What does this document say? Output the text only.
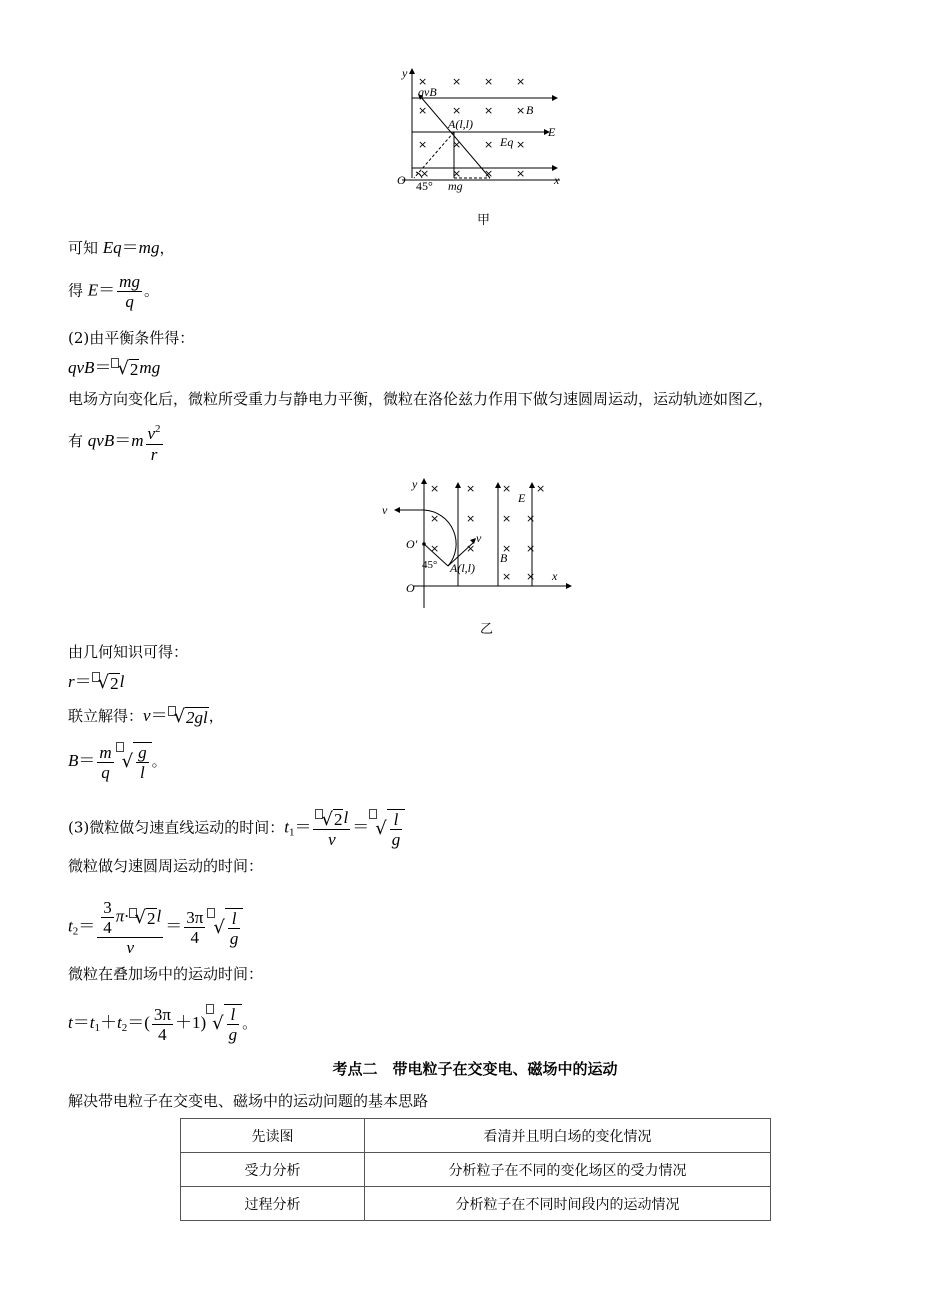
× × × ×
× × × ×
× × × ×
× × × ×
y
x
O
qvB
B
A(l,l)
E
Eq
mg
45°
甲
可知 Eq＝mg，
得 $E= \frac{mg}{q}$ 。
(2)由平衡条件得：
qvB＝ √2mg
电场方向变化后，微粒所受重力与静电力平衡，微粒在洛伦兹力作用下做匀速圆周运动，运动轨迹如图乙，
有 $qvB=m \frac{v^2}{r}$
× × × ×
× × × ×
× × × ×
× ×
y
x
O
O′
v
v
A(l,l)
B
E
45°
乙
由几何知识可得：
r＝ √2l
联立解得：v＝ √2gl，
$B= \frac{m}{q}$ √ $\frac{g}{l}$ 。
(3)微粒做匀速直线运动的时间：$t_1= \frac{√2l}{v}$ ＝ √ $\frac{l}{g}$
微粒做匀速圆周运动的时间：
$t_2= \frac{\frac{3}{4} \pi\cdot √2l}{v} = \frac{3\pi}{4}$ √ $\frac{l}{g}$
微粒在叠加场中的运动时间：
$t=t_1+t_2=( \frac{3\pi}{4} +1)$ √ $\frac{l}{g}$ 。
考点二　带电粒子在交变电、磁场中的运动
解决带电粒子在交变电、磁场中的运动问题的基本思路
先读图	看清并且明白场的变化情况
受力分析	分析粒子在不同的变化场区的受力情况
过程分析	分析粒子在不同时间段内的运动情况
